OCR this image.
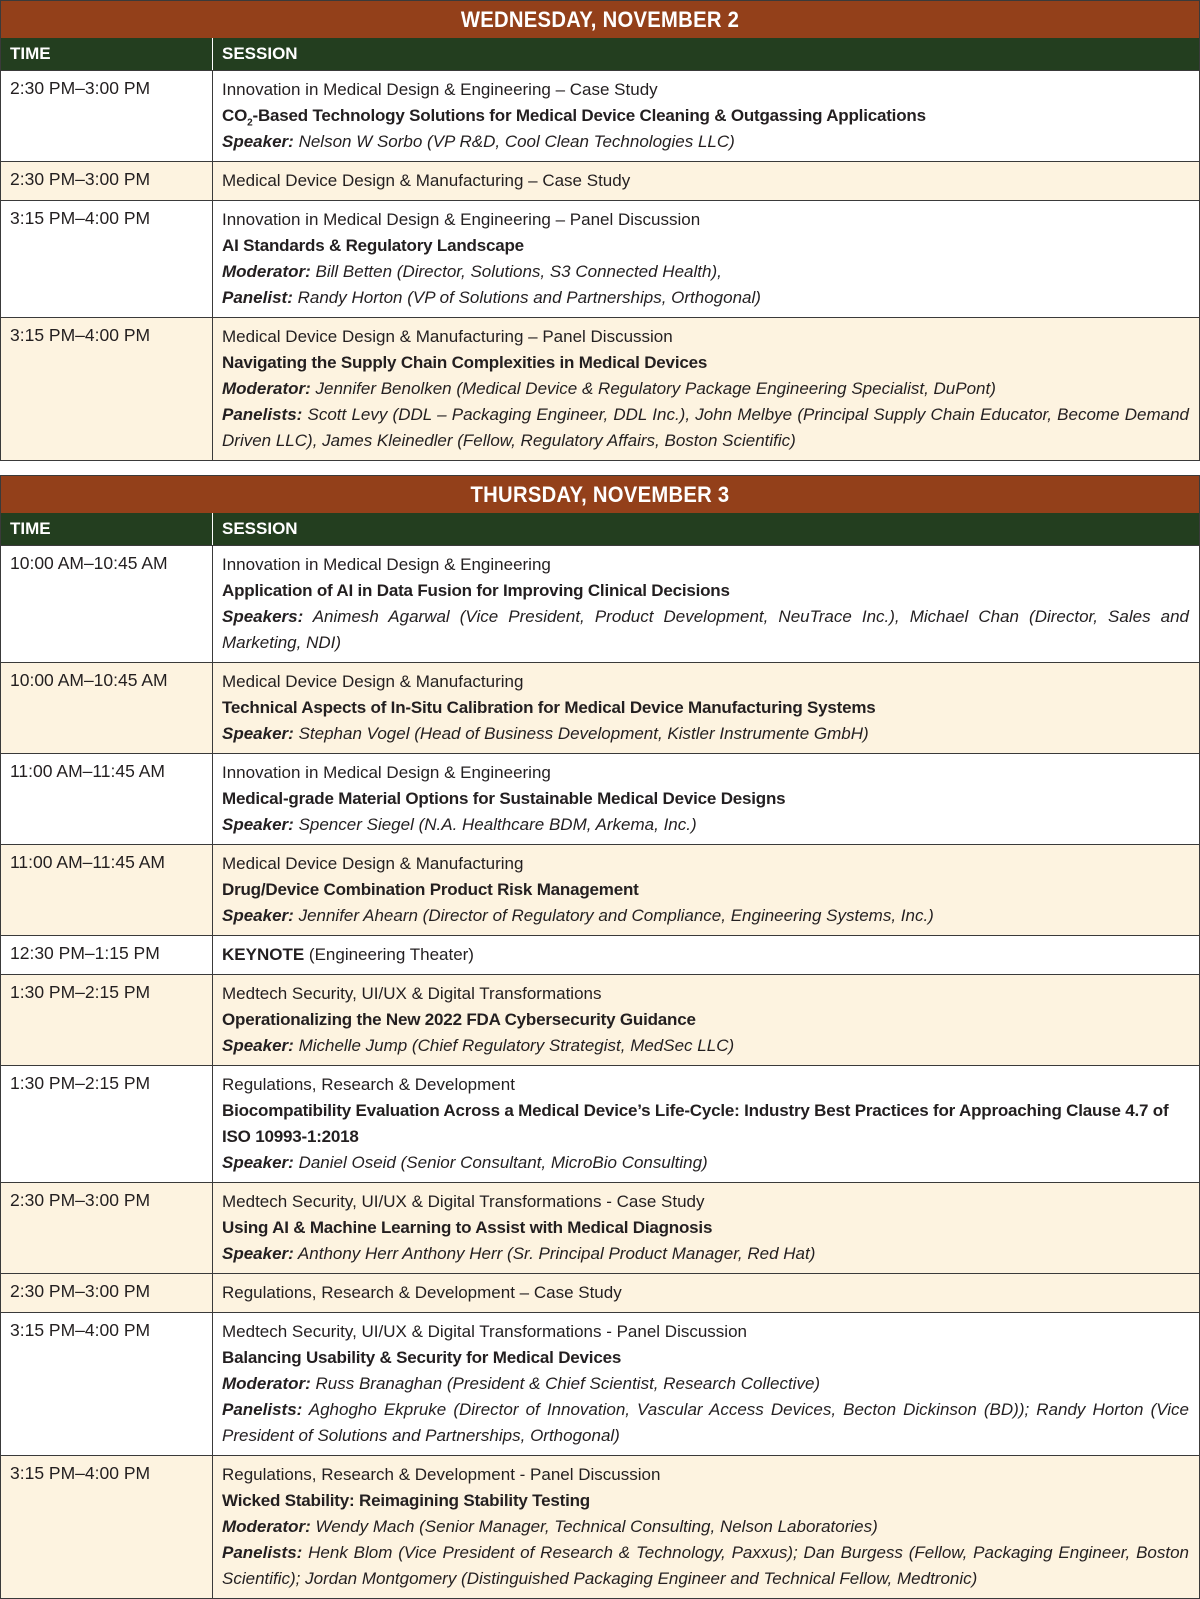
WEDNESDAY, NOVEMBER 2
TIME	SESSION
2:30 PM–3:00 PM	Innovation in Medical Design & Engineering – Case Study
$CO_2$-Based Technology Solutions for Medical Device Cleaning & Outgassing Applications
Speaker: Nelson W Sorbo (VP R&D, Cool Clean Technologies LLC)
2:30 PM–3:00 PM	Medical Device Design & Manufacturing – Case Study
3:15 PM–4:00 PM	Innovation in Medical Design & Engineering – Panel Discussion
AI Standards & Regulatory Landscape
Moderator: Bill Betten (Director, Solutions, S3 Connected Health),
Panelist: Randy Horton (VP of Solutions and Partnerships, Orthogonal)
3:15 PM–4:00 PM	Medical Device Design & Manufacturing – Panel Discussion
Navigating the Supply Chain Complexities in Medical Devices
Moderator: Jennifer Benolken (Medical Device & Regulatory Package Engineering Specialist, DuPont)
Panelists: Scott Levy (DDL – Packaging Engineer, DDL Inc.), John Melbye (Principal Supply Chain Educator, Become Demand Driven LLC), James Kleinedler (Fellow, Regulatory Affairs, Boston Scientific)
THURSDAY, NOVEMBER 3
TIME	SESSION
10:00 AM–10:45 AM	Innovation in Medical Design & Engineering
Application of AI in Data Fusion for Improving Clinical Decisions
Speakers: Animesh Agarwal (Vice President, Product Development, NeuTrace Inc.), Michael Chan (Director, Sales and Marketing, NDI)
10:00 AM–10:45 AM	Medical Device Design & Manufacturing
Technical Aspects of In-Situ Calibration for Medical Device Manufacturing Systems
Speaker: Stephan Vogel (Head of Business Development, Kistler Instrumente GmbH)
11:00 AM–11:45 AM	Innovation in Medical Design & Engineering
Medical-grade Material Options for Sustainable Medical Device Designs
Speaker: Spencer Siegel (N.A. Healthcare BDM, Arkema, Inc.)
11:00 AM–11:45 AM	Medical Device Design & Manufacturing
Drug/Device Combination Product Risk Management
Speaker: Jennifer Ahearn (Director of Regulatory and Compliance, Engineering Systems, Inc.)
12:30 PM–1:15 PM	KEYNOTE (Engineering Theater)
1:30 PM–2:15 PM	Medtech Security, UI/UX & Digital Transformations
Operationalizing the New 2022 FDA Cybersecurity Guidance
Speaker: Michelle Jump (Chief Regulatory Strategist, MedSec LLC)
1:30 PM–2:15 PM	Regulations, Research & Development
Biocompatibility Evaluation Across a Medical Device’s Life-Cycle: Industry Best Practices for Approaching Clause 4.7 of ISO 10993-1:2018
Speaker: Daniel Oseid (Senior Consultant, MicroBio Consulting)
2:30 PM–3:00 PM	Medtech Security, UI/UX & Digital Transformations - Case Study
Using AI & Machine Learning to Assist with Medical Diagnosis
Speaker: Anthony Herr Anthony Herr (Sr. Principal Product Manager, Red Hat)
2:30 PM–3:00 PM	Regulations, Research & Development – Case Study
3:15 PM–4:00 PM	Medtech Security, UI/UX & Digital Transformations - Panel Discussion
Balancing Usability & Security for Medical Devices
Moderator: Russ Branaghan (President & Chief Scientist, Research Collective)
Panelists: Aghogho Ekpruke (Director of Innovation, Vascular Access Devices, Becton Dickinson (BD)); Randy Horton (Vice President of Solutions and Partnerships, Orthogonal)
3:15 PM–4:00 PM	Regulations, Research & Development - Panel Discussion
Wicked Stability: Reimagining Stability Testing
Moderator: Wendy Mach (Senior Manager, Technical Consulting, Nelson Laboratories)
Panelists: Henk Blom (Vice President of Research & Technology, Paxxus); Dan Burgess (Fellow, Packaging Engineer, Boston Scientific); Jordan Montgomery (Distinguished Packaging Engineer and Technical Fellow, Medtronic)
